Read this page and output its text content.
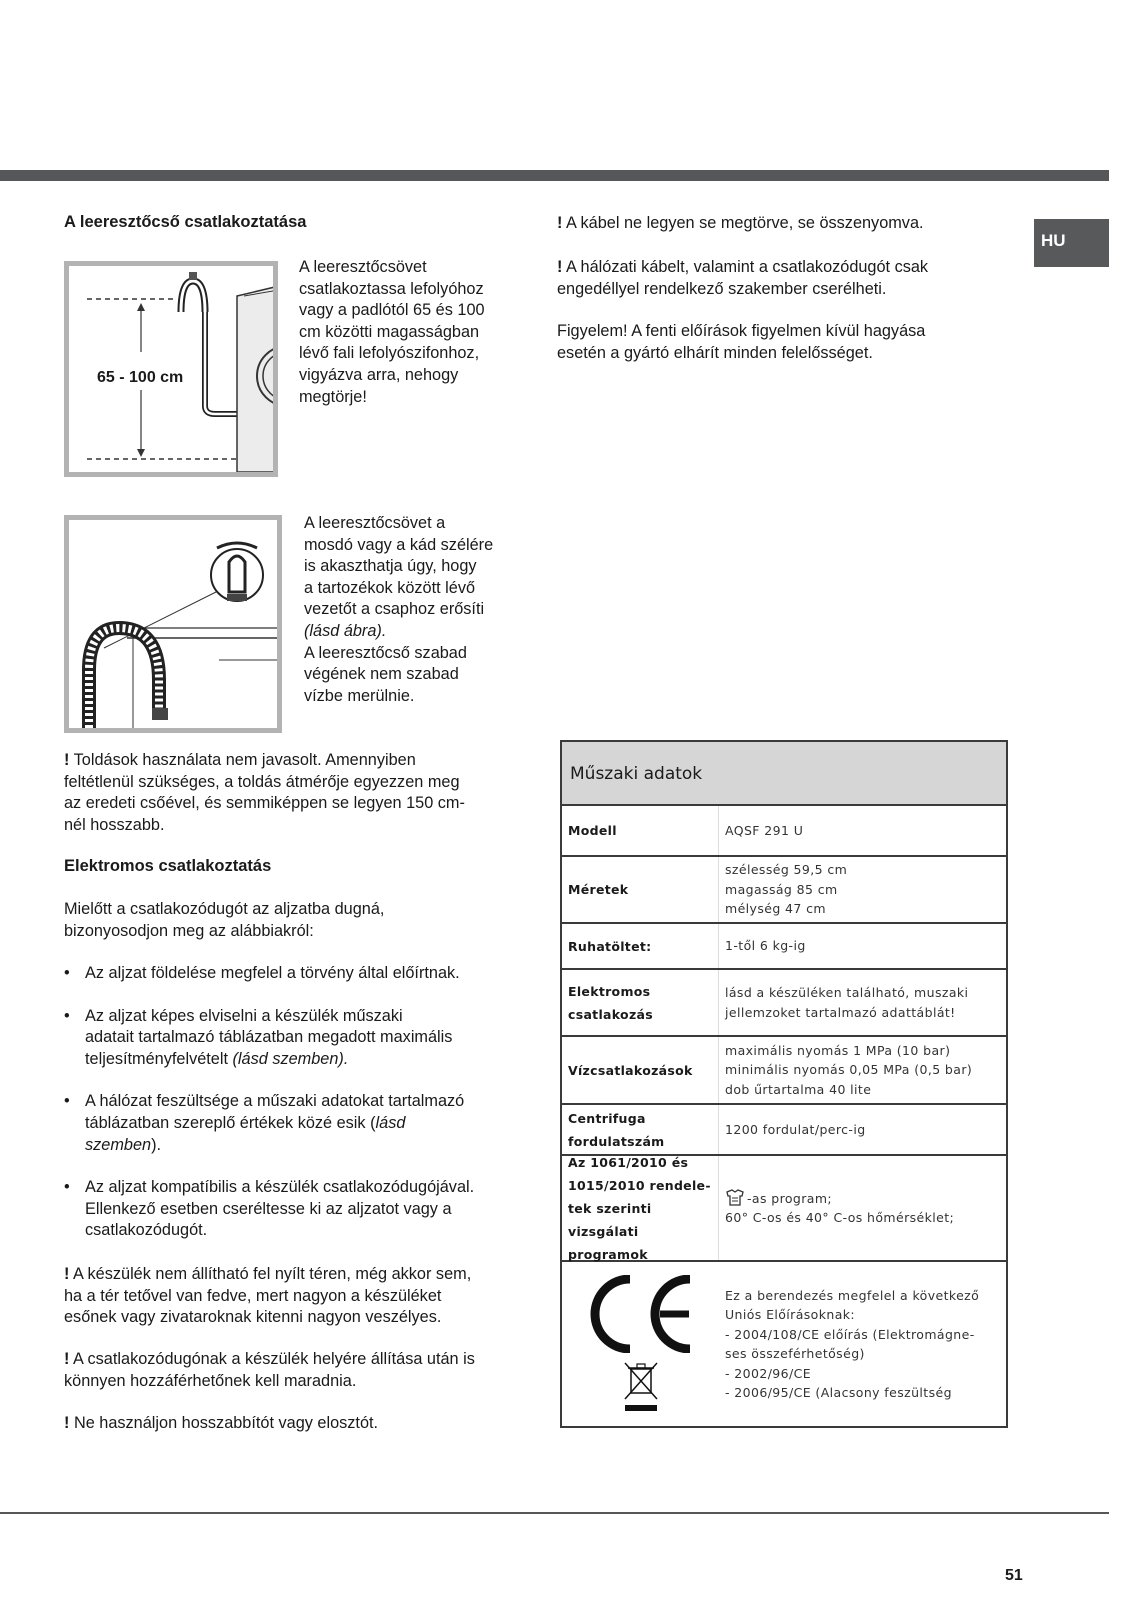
HU
A leeresztőcső csatlakoztatása
65 - 100 cm
A leeresztőcsövet
csatlakoztassa lefolyóhoz
vagy a padlótól 65 és 100
cm közötti magasságban
lévő fali lefolyószifonhoz,
vigyázva arra, nehogy
megtörje!
A leeresztőcsövet a
mosdó vagy a kád szélére
is akaszthatja úgy, hogy
a tartozékok között lévő
vezetőt a csaphoz erősíti
(lásd ábra).
A leeresztőcső szabad
végének nem szabad
vízbe merülnie.
! Toldások használata nem javasolt. Amennyiben
feltétlenül szükséges, a toldás átmérője egyezzen meg
az eredeti csőével, és semmiképpen se legyen 150 cm-
nél hosszabb.
Elektromos csatlakoztatás
Mielőtt a csatlakozódugót az aljzatba dugná,
bizonyosodjon meg az alábbiakról:
• Az aljzat földelése megfelel a törvény által előírtnak.
• Az aljzat képes elviselni a készülék műszaki
adatait tartalmazó táblázatban megadott maximális
teljesítményfelvételt (lásd szemben).
• A hálózat feszültsége a műszaki adatokat tartalmazó
táblázatban szereplő értékek közé esik (lásd
szemben).
• Az aljzat kompatíbilis a készülék csatlakozódugójával.
Ellenkező esetben cseréltesse ki az aljzatot vagy a
csatlakozódugót.
! A készülék nem állítható fel nyílt téren, még akkor sem,
ha a tér tetővel van fedve, mert nagyon a készüléket
esőnek vagy zivataroknak kitenni nagyon veszélyes.
! A csatlakozódugónak a készülék helyére állítása után is
könnyen hozzáférhetőnek kell maradnia.
! Ne használjon hosszabbítót vagy elosztót.
! A kábel ne legyen se megtörve, se összenyomva.
! A hálózati kábelt, valamint a csatlakozódugót csak
engedéllyel rendelkező szakember cserélheti.
Figyelem! A fenti előírások figyelmen kívül hagyása
esetén a gyártó elhárít minden felelősséget.
Műszaki adatok
Modell	AQSF 291 U
Méretek
szélesség 59,5 cm
magasság 85 cm
mélység 47 cm
Ruhatöltet:	1-től 6 kg-ig
Elektromos
csatlakozás
lásd a készüléken található, muszaki
jellemzoket tartalmazó adattáblát!
Vízcsatlakozások
maximális nyomás 1 MPa (10 bar)
minimális nyomás 0,05 MPa (0,5 bar)
dob űrtartalma 40 lite
Centrifuga
fordulatszám
1200 fordulat/perc-ig
Az 1061/2010 és
1015/2010 rendele-
tek szerinti vizsgálati
programok
-as program;
60° C-os és 40° C-os hőmérséklet;
Ez a berendezés megfelel a következő
Uniós Előírásoknak:
- 2004/108/CE előírás (Elektromágne-
ses összeférhetőség)
- 2002/96/CE
- 2006/95/CE (Alacsony feszültség
51
